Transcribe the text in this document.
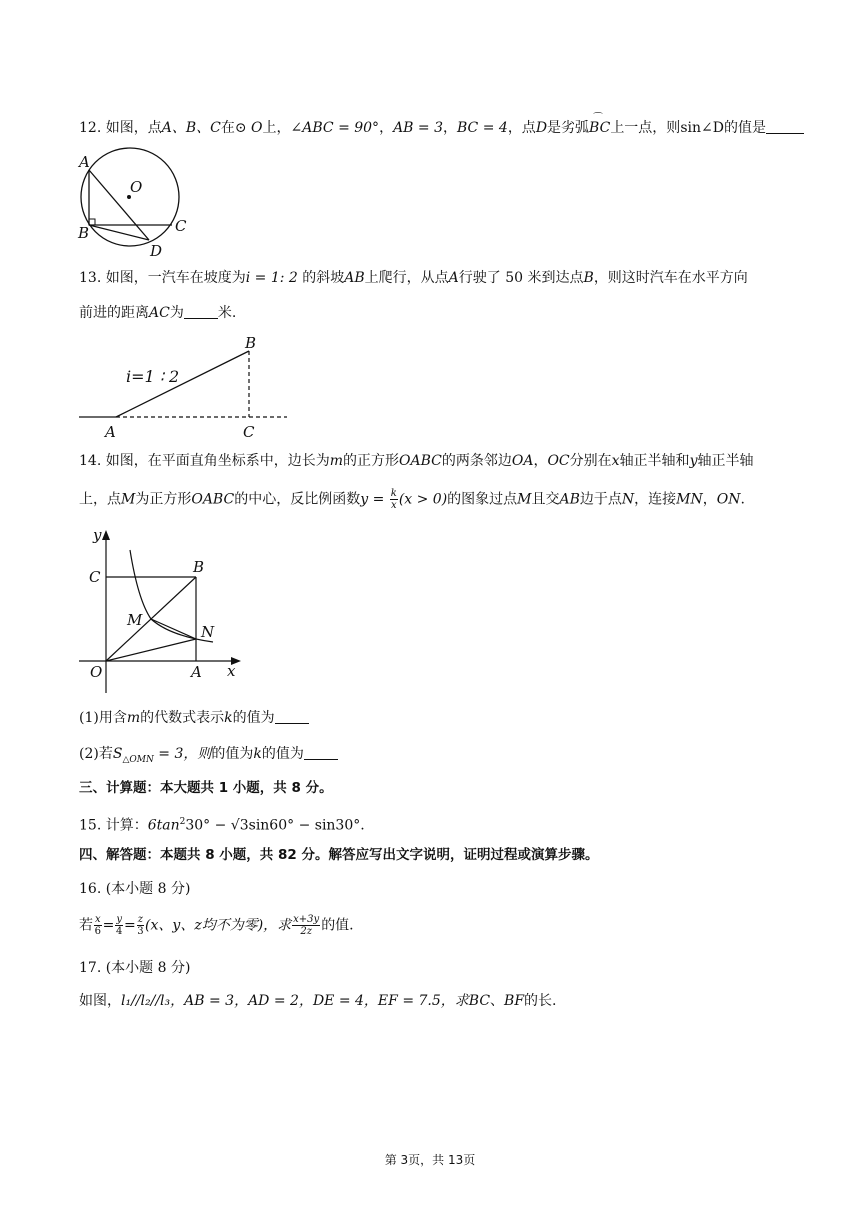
12. 如图，点A、B、C在⊙ O上，∠ABC = 90°，AB = 3，BC = 4，点D是劣弧⌒ BC上一点，则sin∠D的值是
A
B	C
D
O
13. 如图，一汽车在坡度为i = 1: 2 的斜坡AB上爬行，从点A行驶了 50 米到达点B，则这时汽车在水平方向
前进的距离AC为 米.
i=1 ∶ 2
A
B
C
14. 如图，在平面直角坐标系中，边长为m的正方形OABC的两条邻边OA，OC分别在x轴正半轴和y轴正半轴
上，点M为正方形OABC的中心，反比例函数$y = \frac{k}{x} (x > 0)$的图象过点M且交AB边于点N，连接MN，ON.
y
x
C
B
M
N
O	A
(1)用含m的代数式表示k的值为
(2)若$S_{\triangle OMN} = 3$，则的值为k的值为
三、计算题：本大题共 1 小题，共 8 分。
15. 计算：$6\tan^230^\circ - √3\sin 60^\circ - \sin 30^\circ$.
四、解答题：本题共 8 小题，共 82 分。解答应写出文字说明，证明过程或演算步骤。
16. (本小题 8 分)
若 $\frac{x}{6} = \frac{y}{4} = \frac{z}{3} (x$、y、z均不为零)，求 $\frac{x+3y}{2z}$ 的值.
17. (本小题 8 分)
如图，l₁//l₂//l₃，AB = 3，AD = 2，DE = 4，EF = 7.5，求BC、BF的长.
第 3页，共 13页
